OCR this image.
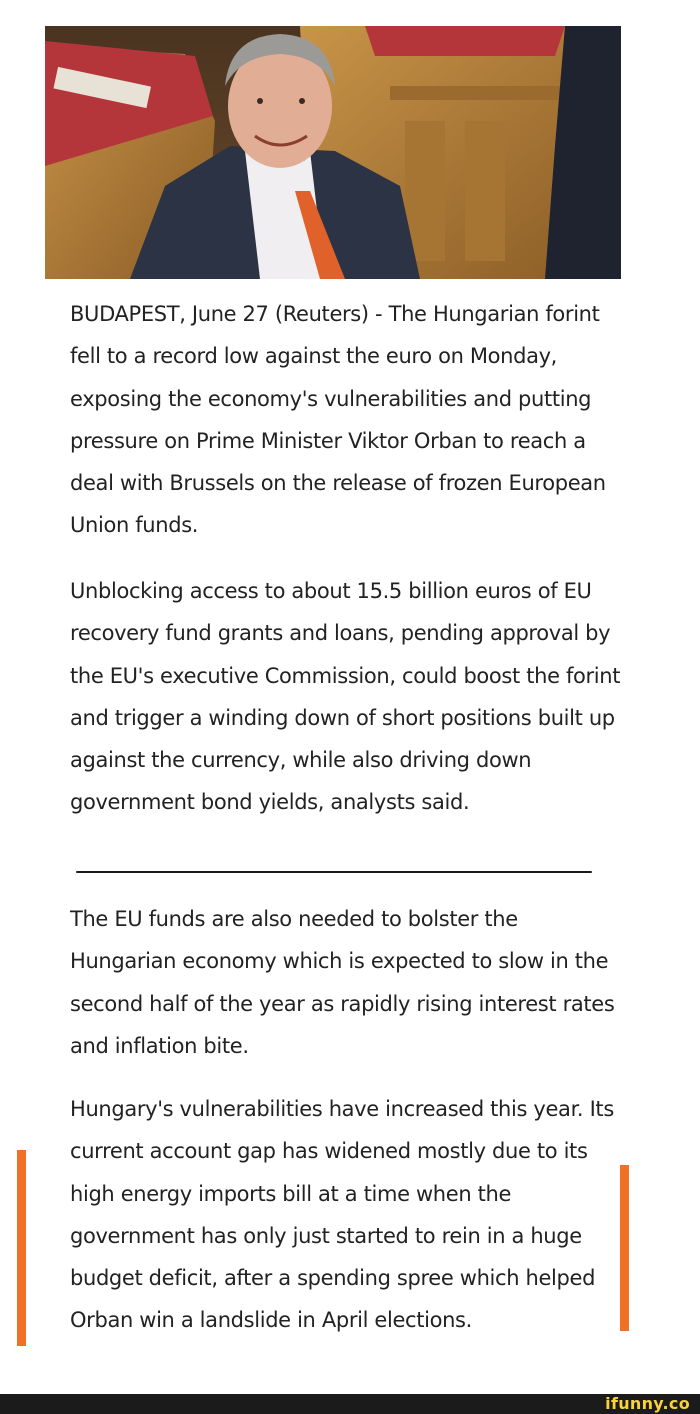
BUDAPEST, June 27 (Reuters) - The Hungarian forint fell to a record low against the euro on Monday, exposing the economy's vulnerabilities and putting pressure on Prime Minister Viktor Orban to reach a deal with Brussels on the release of frozen European Union funds.

Unblocking access to about 15.5 billion euros of EU recovery fund grants and loans, pending approval by the EU's executive Commission, could boost the forint and trigger a winding down of short positions built up against the currency, while also driving down government bond yields, analysts said.

The EU funds are also needed to bolster the Hungarian economy which is expected to slow in the second half of the year as rapidly rising interest rates and inflation bite.

Hungary's vulnerabilities have increased this year. Its current account gap has widened mostly due to its high energy imports bill at a time when the government has only just started to rein in a huge budget deficit, after a spending spree which helped Orban win a landslide in April elections.

ifunny.co
